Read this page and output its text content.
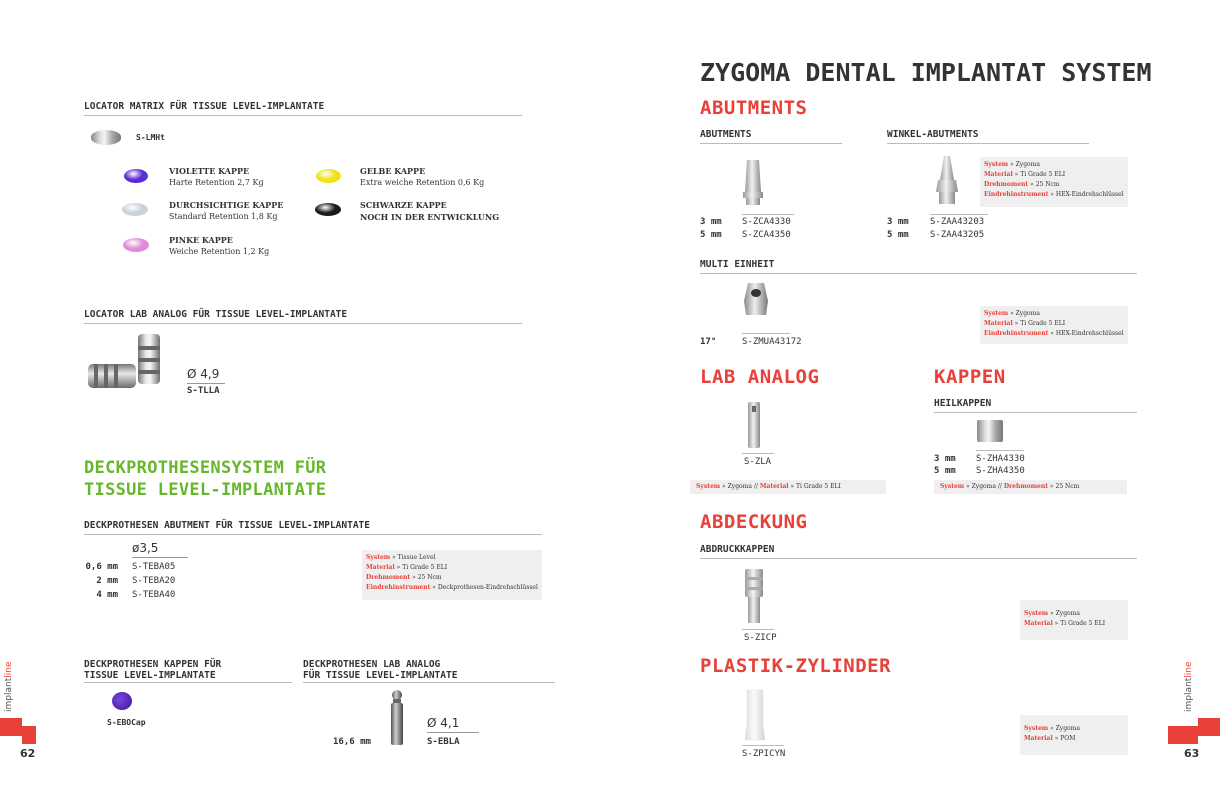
LOCATOR MATRIX FÜR TISSUE LEVEL-IMPLANTATE
S-LMHt
VIOLETTE KAPPE
Harte Retention 2,7 Kg
GELBE KAPPE
Extra weiche Retention 0,6 Kg
DURCHSICHTIGE KAPPE
Standard Retention 1,8 Kg
SCHWARZE KAPPE
NOCH IN DER ENTWICKLUNG
PINKE KAPPE
Weiche Retention 1,2 Kg
LOCATOR LAB ANALOG FÜR TISSUE LEVEL-IMPLANTATE
Ø 4,9
S-TLLA
DECKPROTHESENSYSTEM FÜR
TISSUE LEVEL-IMPLANTATE
DECKPROTHESEN ABUTMENT FÜR TISSUE LEVEL-IMPLANTATE
ø3,5
0,6 mm S-TEBA05
2 mm S-TEBA20
4 mm S-TEBA40
System » Tissue Level
Material » Ti Grade 5 ELI
Drehmoment » 25 Ncm
Eindrehinstrument » Deckprothesen-Eindrehschlüssel
DECKPROTHESEN KAPPEN FÜR
TISSUE LEVEL-IMPLANTATE
S-EBOCap
DECKPROTHESEN LAB ANALOG
FÜR TISSUE LEVEL-IMPLANTATE
Ø 4,1
16,6 mm	S-EBLA
implantline
62
ZYGOMA DENTAL IMPLANTAT SYSTEM
ABUTMENTS
ABUTMENTS	WINKEL-ABUTMENTS
3 mm S-ZCA4330
5 mm S-ZCA4350
3 mm S-ZAA43203
5 mm S-ZAA43205
System » Zygoma
Material » Ti Grade 5 ELI
Drehmoment » 25 Ncm
Eindrehinstrument » HEX-Eindrehschlüssel
MULTI EINHEIT
17°	S-ZMUA43172
System » Zygoma
Material » Ti Grade 5 ELI
Eindrehinstrument » HEX-Eindrehschlüssel
LAB ANALOG
S-ZLA
System » Zygoma // Material » Ti Grade 5 ELI
KAPPEN
HEILKAPPEN
3 mm S-ZHA4330
5 mm S-ZHA4350
System » Zygoma // Drehmoment » 25 Ncm
ABDECKUNG
ABDRUCKKAPPEN
S-ZICP
System » Zygoma
Material » Ti Grade 5 ELI
PLASTIK-ZYLINDER
S-ZPICYN
System » Zygoma
Material » POM
implantline
63
